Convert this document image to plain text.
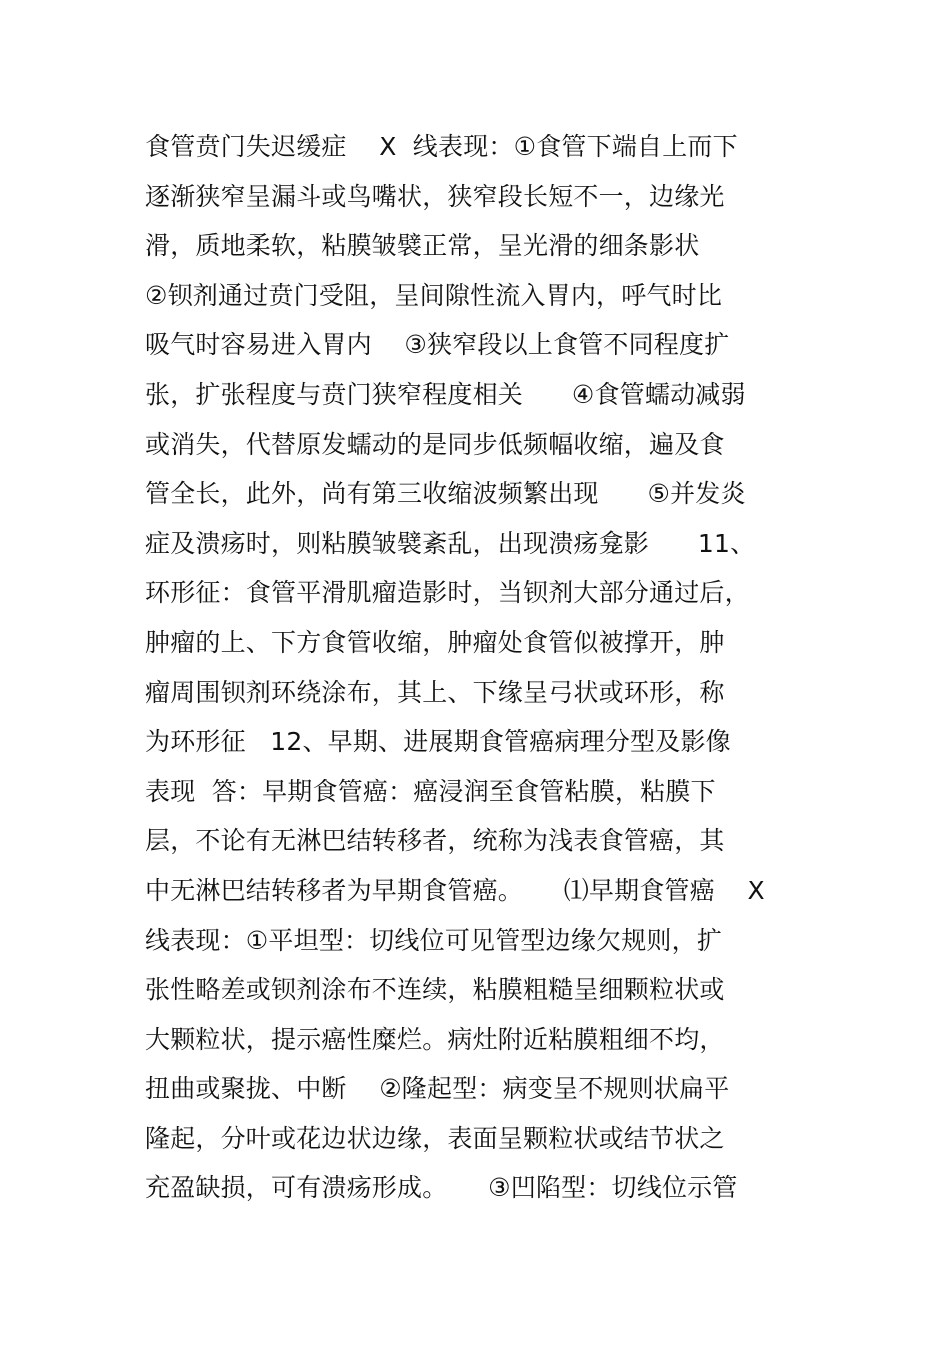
食管贲门失迟缓症    X  线表现：①食管下端自上而下
逐渐狭窄呈漏斗或鸟嘴状，狭窄段长短不一，边缘光
滑，质地柔软，粘膜皱襞正常，呈光滑的细条影状
②钡剂通过贲门受阻，呈间隙性流入胃内，呼气时比
吸气时容易进入胃内    ③狭窄段以上食管不同程度扩
张，扩张程度与贲门狭窄程度相关      ④食管蠕动减弱
或消失，代替原发蠕动的是同步低频幅收缩，遍及食
管全长，此外，尚有第三收缩波频繁出现      ⑤并发炎
症及溃疡时，则粘膜皱襞紊乱，出现溃疡龛影      11、
环形征：食管平滑肌瘤造影时，当钡剂大部分通过后，
肿瘤的上、下方食管收缩，肿瘤处食管似被撑开，肿
瘤周围钡剂环绕涂布，其上、下缘呈弓状或环形，称
为环形征   12、早期、进展期食管癌病理分型及影像
表现  答：早期食管癌：癌浸润至食管粘膜，粘膜下
层，不论有无淋巴结转移者，统称为浅表食管癌，其
中无淋巴结转移者为早期食管癌。     ⑴早期食管癌    X
线表现：①平坦型：切线位可见管型边缘欠规则，扩
张性略差或钡剂涂布不连续，粘膜粗糙呈细颗粒状或
大颗粒状，提示癌性糜烂。病灶附近粘膜粗细不均，
扭曲或聚拢、中断    ②隆起型：病变呈不规则状扁平
隆起，分叶或花边状边缘，表面呈颗粒状或结节状之
充盈缺损，可有溃疡形成。     ③凹陷型：切线位示管
